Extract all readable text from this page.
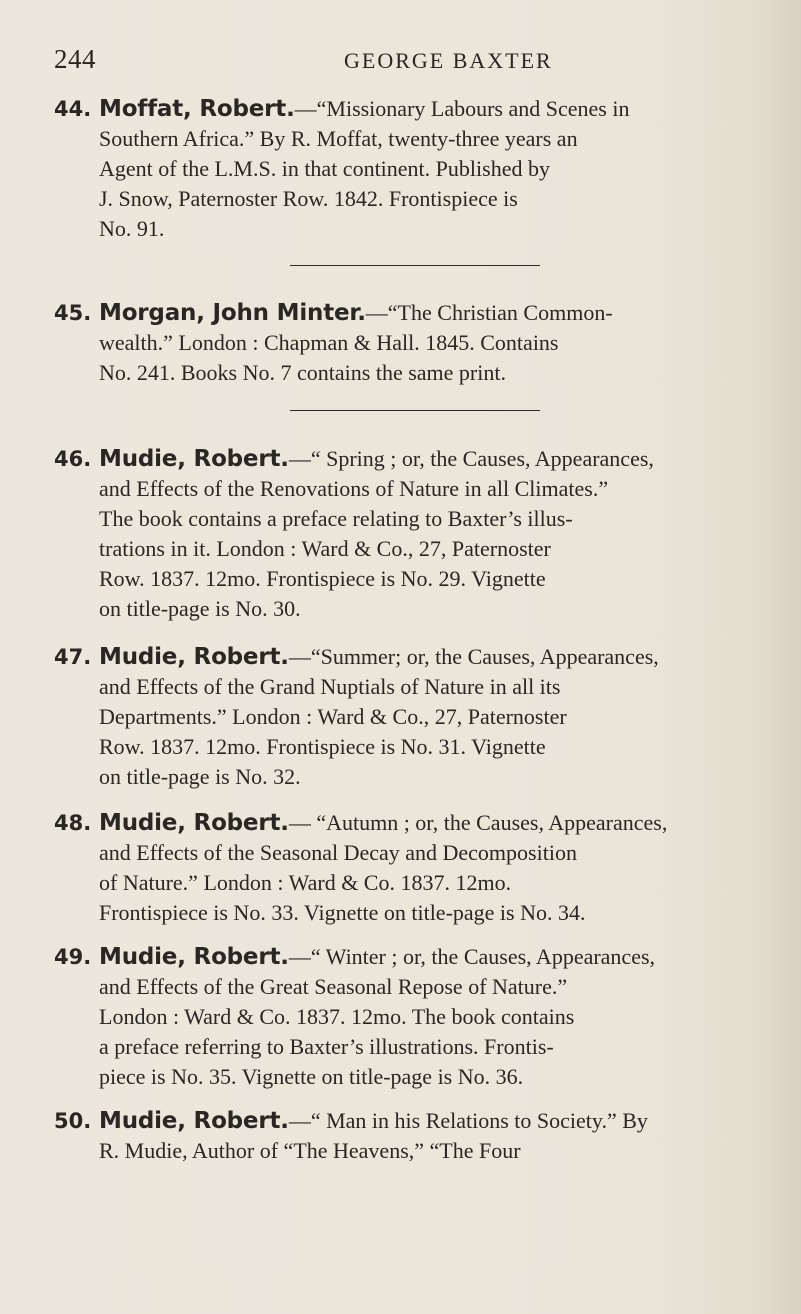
244	GEORGE BAXTER
44. Moffat, Robert.—“Missionary Labours and Scenes in
Southern Africa.” By R. Moffat, twenty-three years an
Agent of the L.M.S. in that continent. Published by
J. Snow, Paternoster Row. 1842. Frontispiece is
No. 91.
45. Morgan, John Minter.—“The Christian Common-
wealth.” London : Chapman & Hall. 1845. Contains
No. 241. Books No. 7 contains the same print.
46. Mudie, Robert.—“ Spring ; or, the Causes, Appearances,
and Effects of the Renovations of Nature in all Climates.”
The book contains a preface relating to Baxter’s illus-
trations in it. London : Ward & Co., 27, Paternoster
Row. 1837. 12mo. Frontispiece is No. 29. Vignette
on title-page is No. 30.
47. Mudie, Robert.—“Summer; or, the Causes, Appearances,
and Effects of the Grand Nuptials of Nature in all its
Departments.” London : Ward & Co., 27, Paternoster
Row. 1837. 12mo. Frontispiece is No. 31. Vignette
on title-page is No. 32.
48. Mudie, Robert.— “Autumn ; or, the Causes, Appearances,
and Effects of the Seasonal Decay and Decomposition
of Nature.” London : Ward & Co. 1837. 12mo.
Frontispiece is No. 33. Vignette on title-page is No. 34.
49. Mudie, Robert.—“ Winter ; or, the Causes, Appearances,
and Effects of the Great Seasonal Repose of Nature.”
London : Ward & Co. 1837. 12mo. The book contains
a preface referring to Baxter’s illustrations. Frontis-
piece is No. 35. Vignette on title-page is No. 36.
50. Mudie, Robert.—“ Man in his Relations to Society.” By
R. Mudie, Author of “The Heavens,” “The Four
